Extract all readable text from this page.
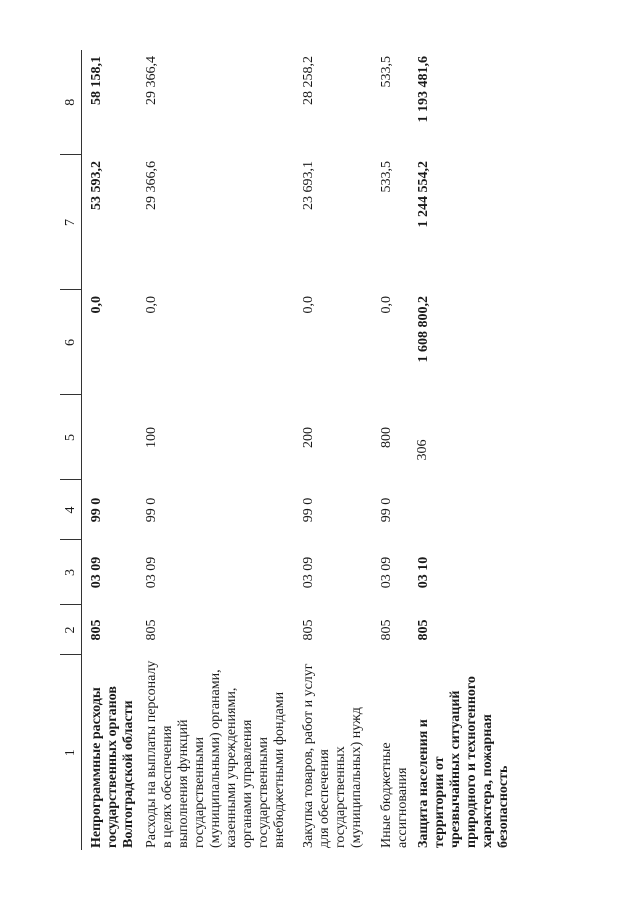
306
1	2	3	4	5	6	7	8
Непрограммные расходы государственных органов Волгоградской области	805	03 09	99 0		0,0	53 593,2	58 158,1
Расходы на выплаты персоналу в целях обеспечения выполнения функций государственными (муниципальными) органами, казенными учреждениями, органами управления государственными внебюджетными фондами	805	03 09	99 0	100	0,0	29 366,6	29 366,4
Закупка товаров, работ и услуг для обеспечения государственных (муниципальных) нужд	805	03 09	99 0	200	0,0	23 693,1	28 258,2
Иные бюджетные ассигнования	805	03 09	99 0	800	0,0	533,5	533,5
Защита населения и территории от чрезвычайных ситуаций природного и техногенного характера, пожарная безопасность	805	03 10			1 608 800,2	1 244 554,2	1 193 481,6
